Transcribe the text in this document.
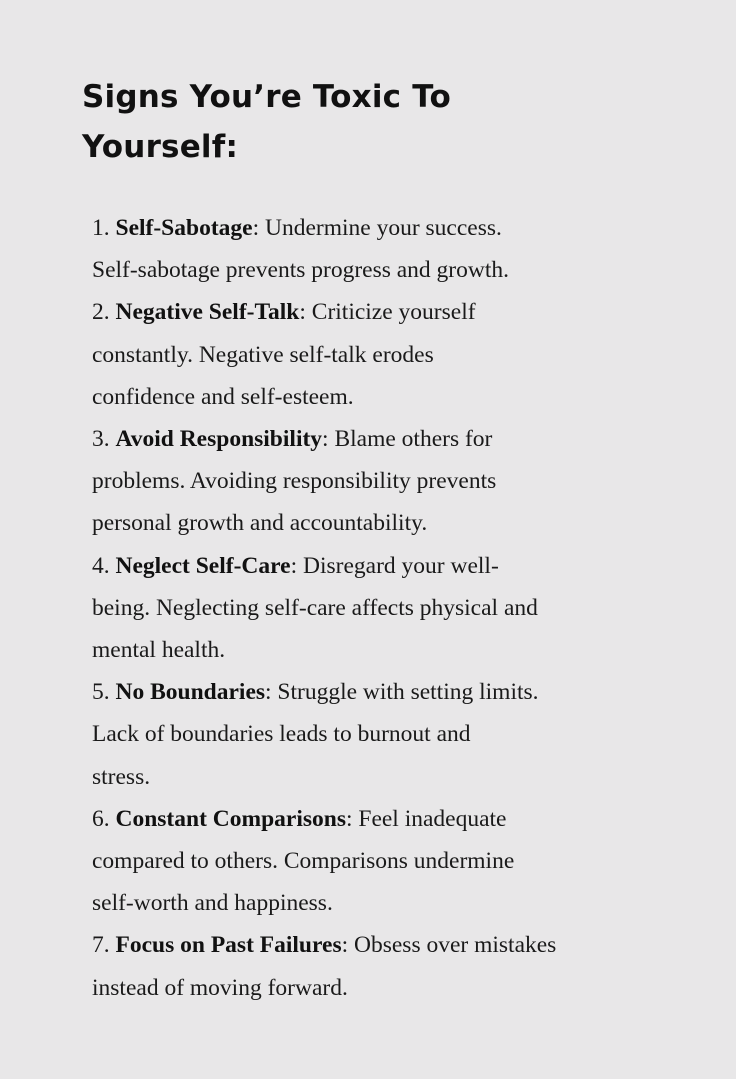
Signs You’re Toxic To
Yourself:
1. Self-Sabotage: Undermine your success.
Self-sabotage prevents progress and growth.
2. Negative Self-Talk: Criticize yourself
constantly. Negative self-talk erodes
confidence and self-esteem.
3. Avoid Responsibility: Blame others for
problems. Avoiding responsibility prevents
personal growth and accountability.
4. Neglect Self-Care: Disregard your well-
being. Neglecting self-care affects physical and
mental health.
5. No Boundaries: Struggle with setting limits.
Lack of boundaries leads to burnout and
stress.
6. Constant Comparisons: Feel inadequate
compared to others. Comparisons undermine
self-worth and happiness.
7. Focus on Past Failures: Obsess over mistakes
instead of moving forward.
